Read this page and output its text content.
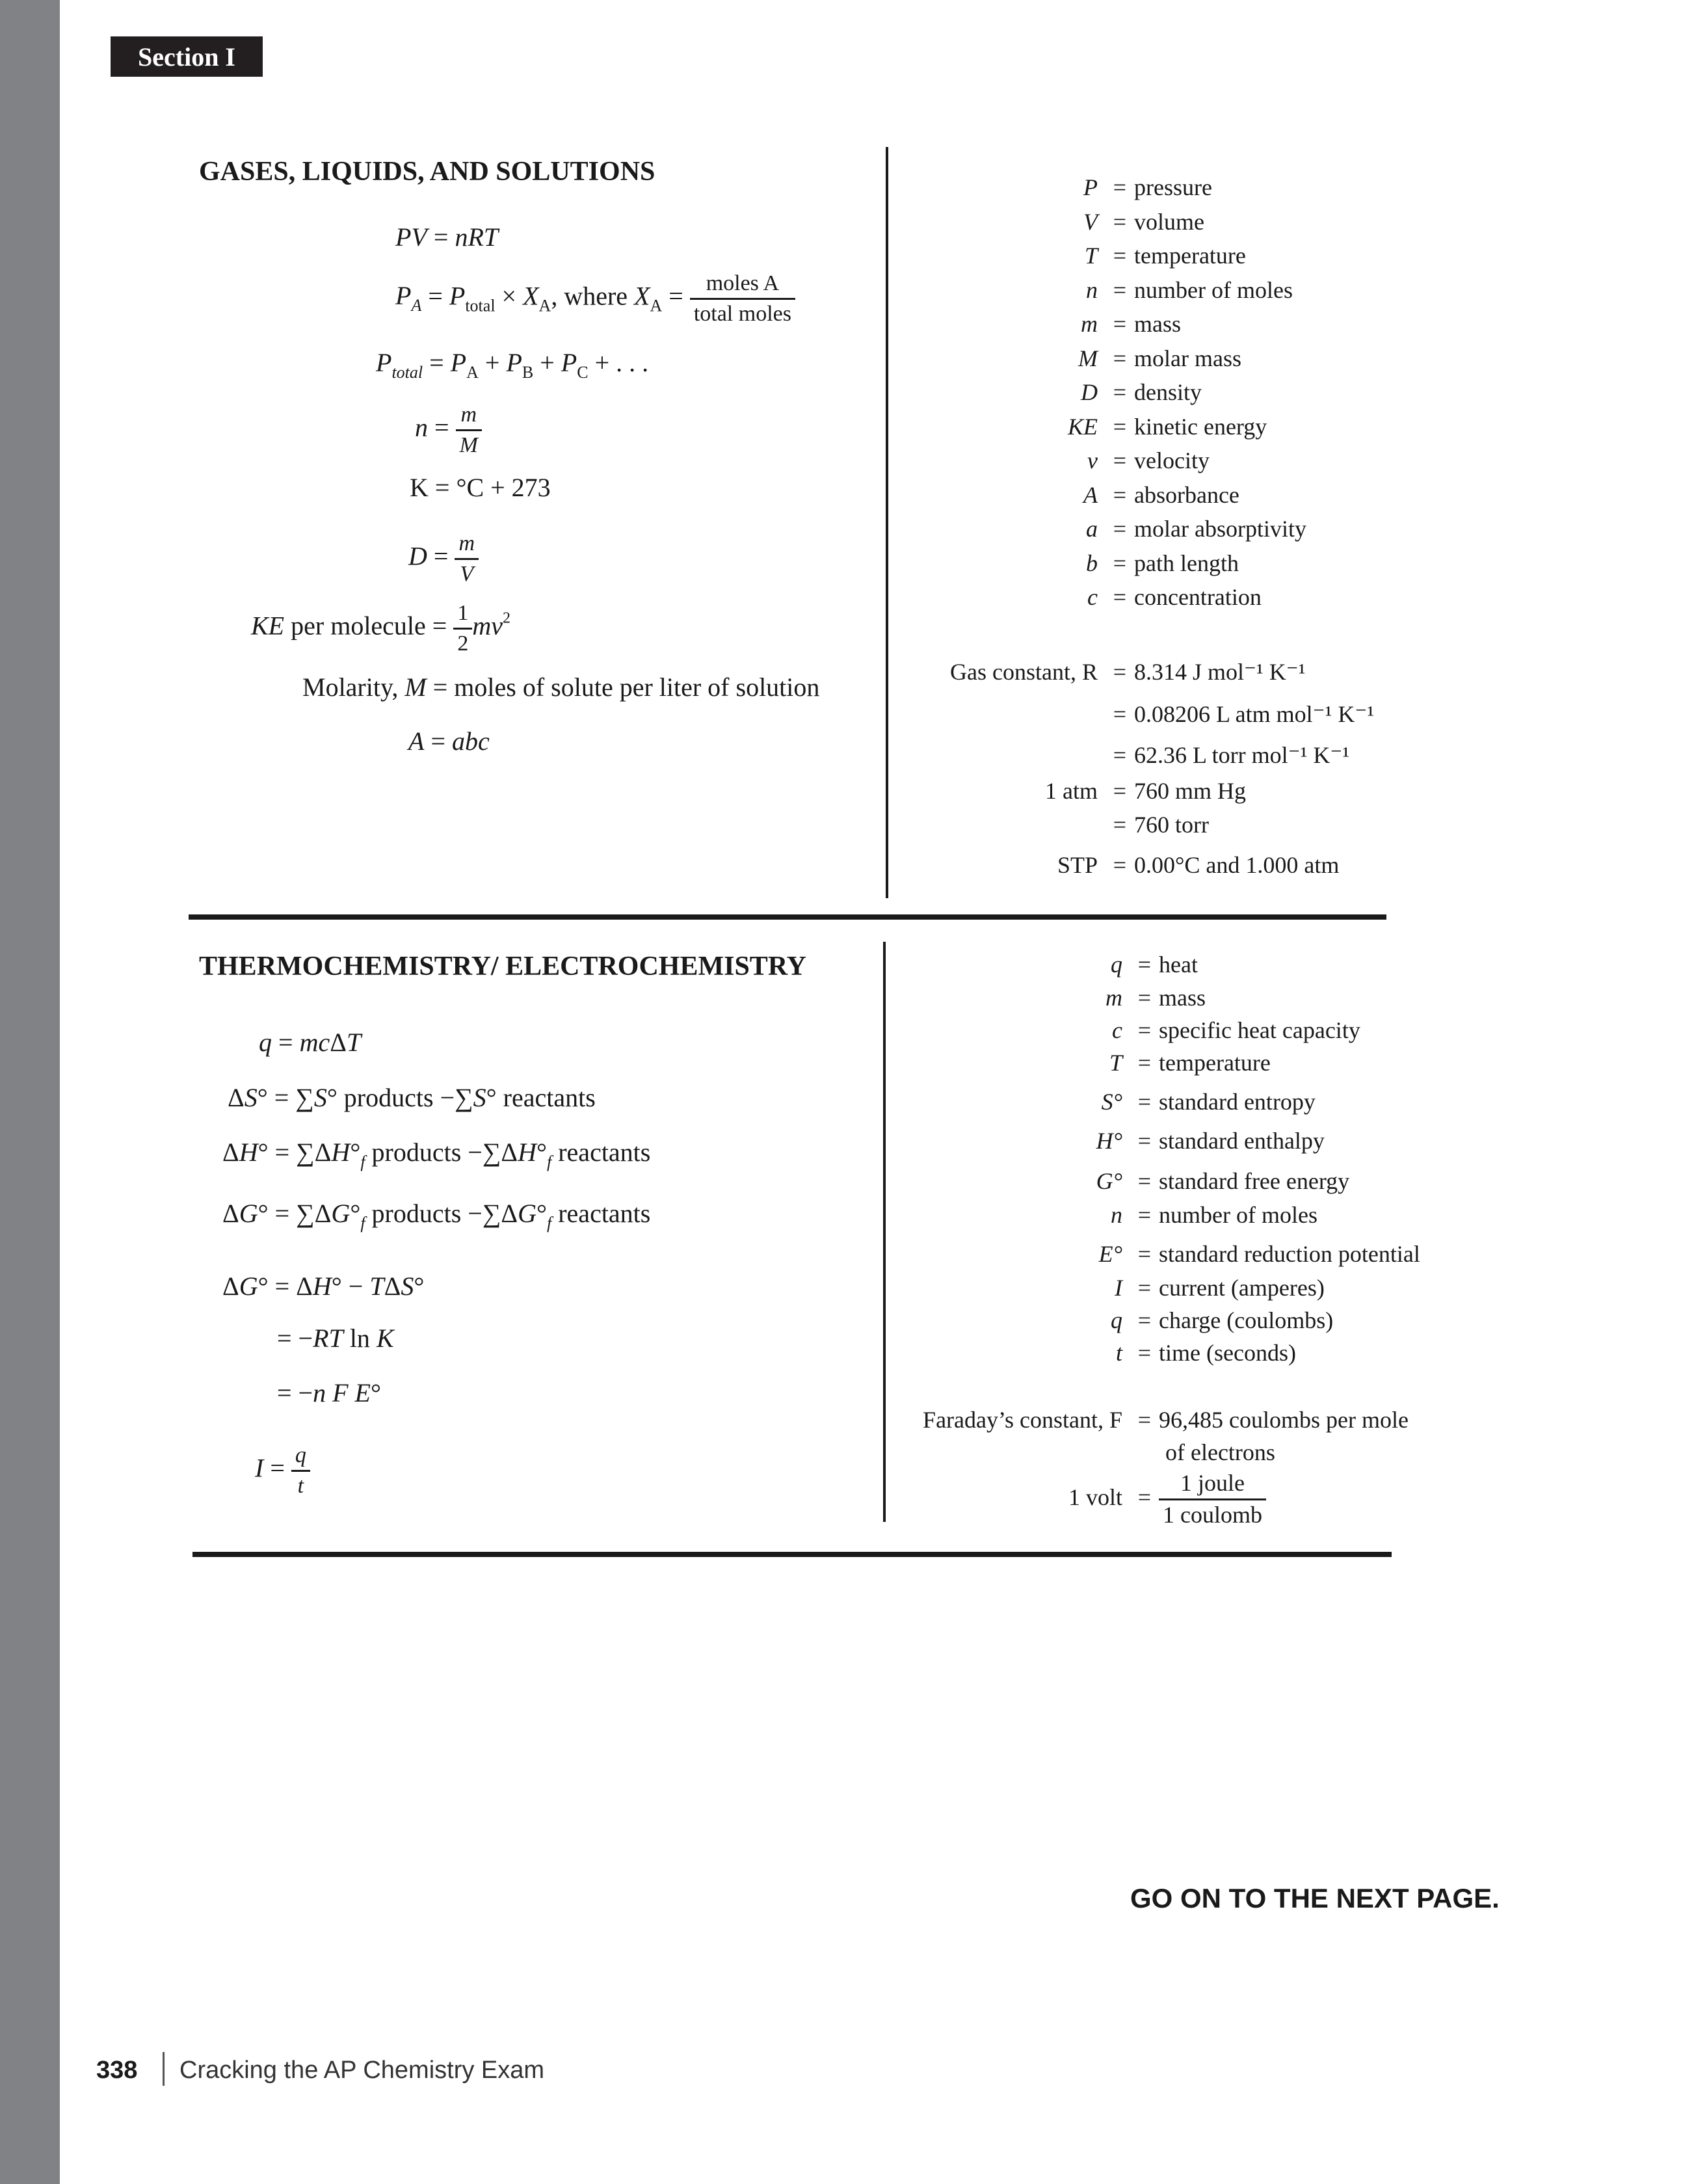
Section I
GASES, LIQUIDS, AND SOLUTIONS
PV = nRT
$P_A = P_{total} \times X_A$, where $X_A = \frac{\text{moles A}}{\text{total moles}}$
$P_{total} = P_A + P_B + P_C$ + . . .
$n = \frac{m}{M}$
K = °C + 273
$D = \frac{m}{V}$
KE per molecule = $\frac{1}{2} mv^2$
Molarity, M = moles of solute per liter of solution
A = abc
P = pressure
V = volume
T = temperature
n = number of moles
m = mass
M = molar mass
D = density
KE = kinetic energy
v = velocity
A = absorbance
a = molar absorptivity
b = path length
c = concentration
Gas constant, R = 8.314 J mol⁻¹ K⁻¹
= 0.08206 L atm mol⁻¹ K⁻¹
= 62.36 L torr mol⁻¹ K⁻¹
1 atm = 760 mm Hg
= 760 torr
STP = 0.00°C and 1.000 atm
THERMOCHEMISTRY/ ELECTROCHEMISTRY
q = mcΔT
ΔS° = ∑S° products −∑S° reactants
$\Delta H^\circ = \sum\Delta H^\circ_f$ products $-\sum\Delta H^\circ_f$ reactants
$\Delta G^\circ = \sum\Delta G^\circ_f$ products $-\sum\Delta G^\circ_f$ reactants
ΔG° = ΔH° − TΔS°
= −RT ln K
= −n F E°
$I = \frac{q}{t}$
q = heat
m = mass
c = specific heat capacity
T = temperature
S° = standard entropy
H° = standard enthalpy
G° = standard free energy
n = number of moles
E° = standard reduction potential
I = current (amperes)
q = charge (coulombs)
t = time (seconds)
Faraday’s constant, F = 96,485 coulombs per mole
of electrons
1 volt = $\frac{\text{1 joule}}{\text{1 coulomb}}$
GO ON TO THE NEXT PAGE.
338 Cracking the AP Chemistry Exam
